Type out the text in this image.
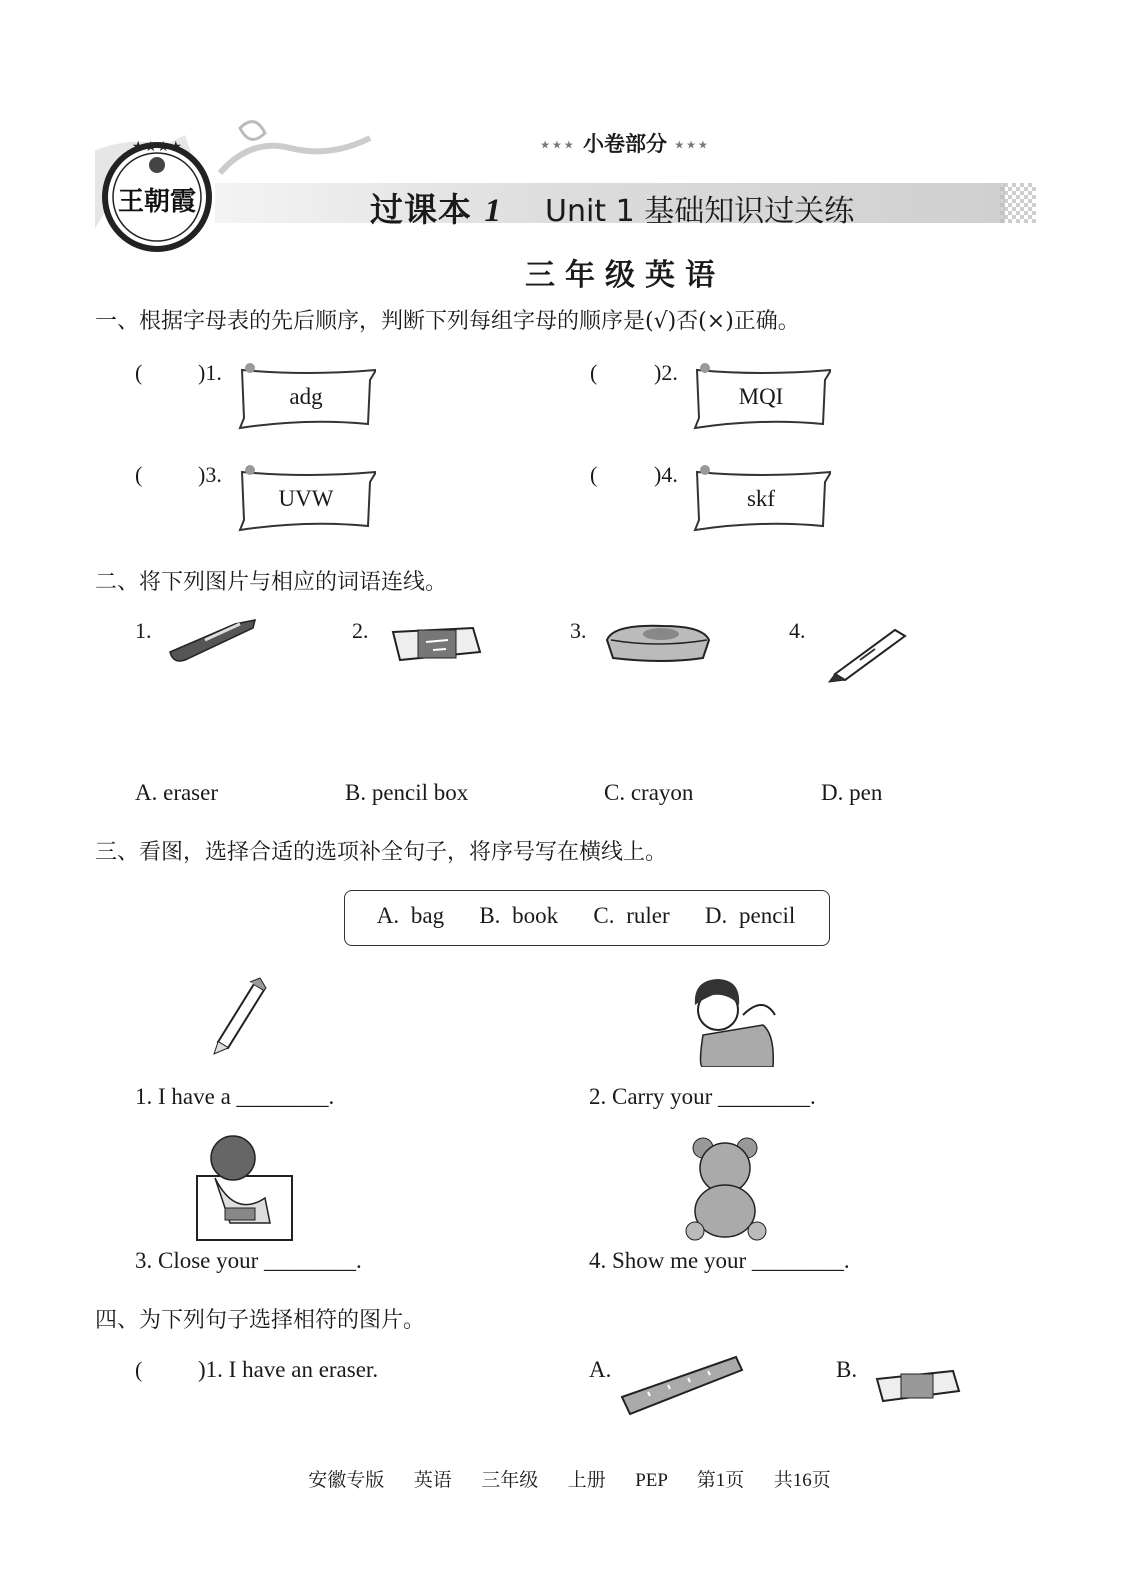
★★★★
王朝霞
★★★ 小卷部分 ★★★
过课本 1 Unit 1 基础知识过关练
三年级英语
一、根据字母表的先后顺序，判断下列每组字母的顺序是(√)否(×)正确。
(	)1.
adg
(	)2.
MQI
(	)3.
UVW
(	)4.
skf
二、将下列图片与相应的词语连线。
1.	2.	3.	4.
A. eraser	B. pencil box	C. crayon	D. pen
三、看图，选择合适的选项补全句子，将序号写在横线上。
A. bag   B. book   C. ruler   D. pencil
1. I have a ________.	2. Carry your ________.
3. Close your ________.	4. Show me your ________.
四、为下列句子选择相符的图片。
( )1. I have an eraser.	A.	B.
安徽专版  英语  三年级  上册  PEP  第1页  共16页
